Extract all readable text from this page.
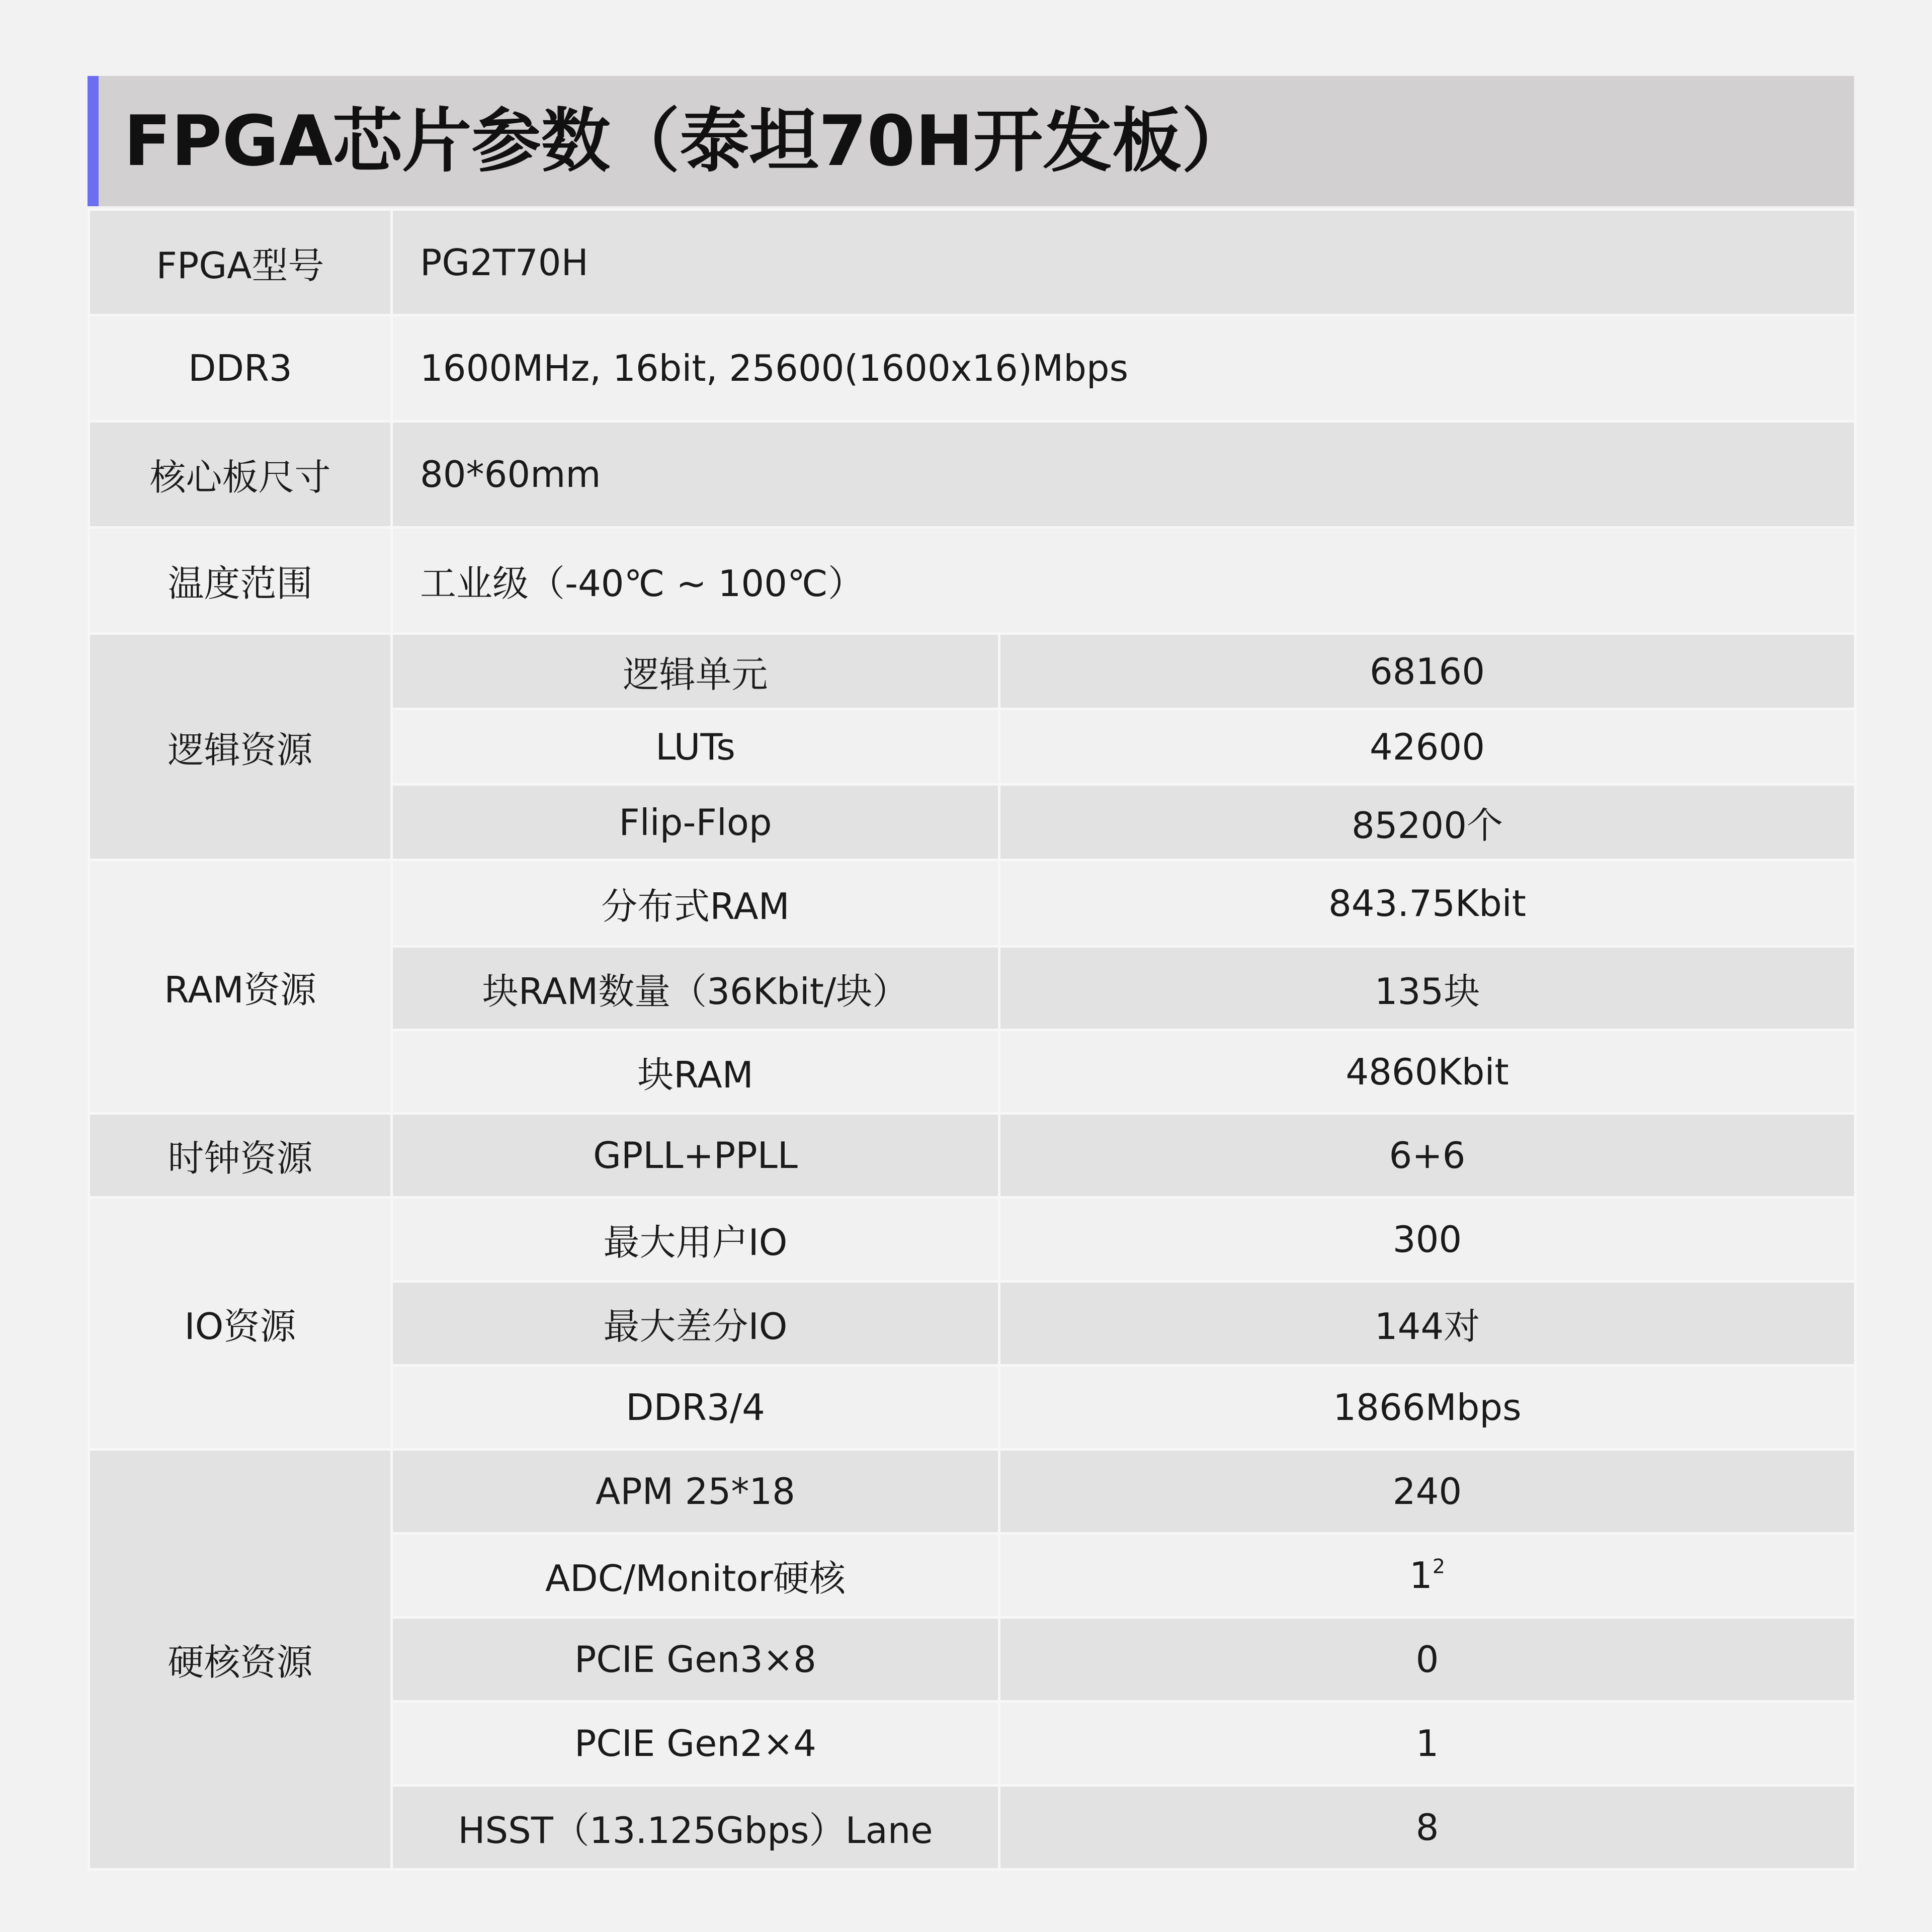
FPGA芯片参数（泰坦70H开发板）
FPGA型号	PG2T70H	
DDR3	1600MHz, 16bit, 25600(1600x16)Mbps	
核心板尺寸	80*60mm	
温度范围	工业级（-40℃ ~ 100℃）	
逻辑资源	逻辑单元	68160
	LUTs	42600
	Flip-Flop	85200个
RAM资源	分布式RAM	843.75Kbit
	块RAM数量（36Kbit/块）	135块
	块RAM	4860Kbit
时钟资源	GPLL+PPLL	6+6
IO资源	最大用户IO	300
	最大差分IO	144对
	DDR3/4	1866Mbps
硬核资源	APM 25*18	240
	ADC/Monitor硬核	$1^2$
	PCIE Gen3×8	0
	PCIE Gen2×4	1
	HSST（13.125Gbps）Lane	8
